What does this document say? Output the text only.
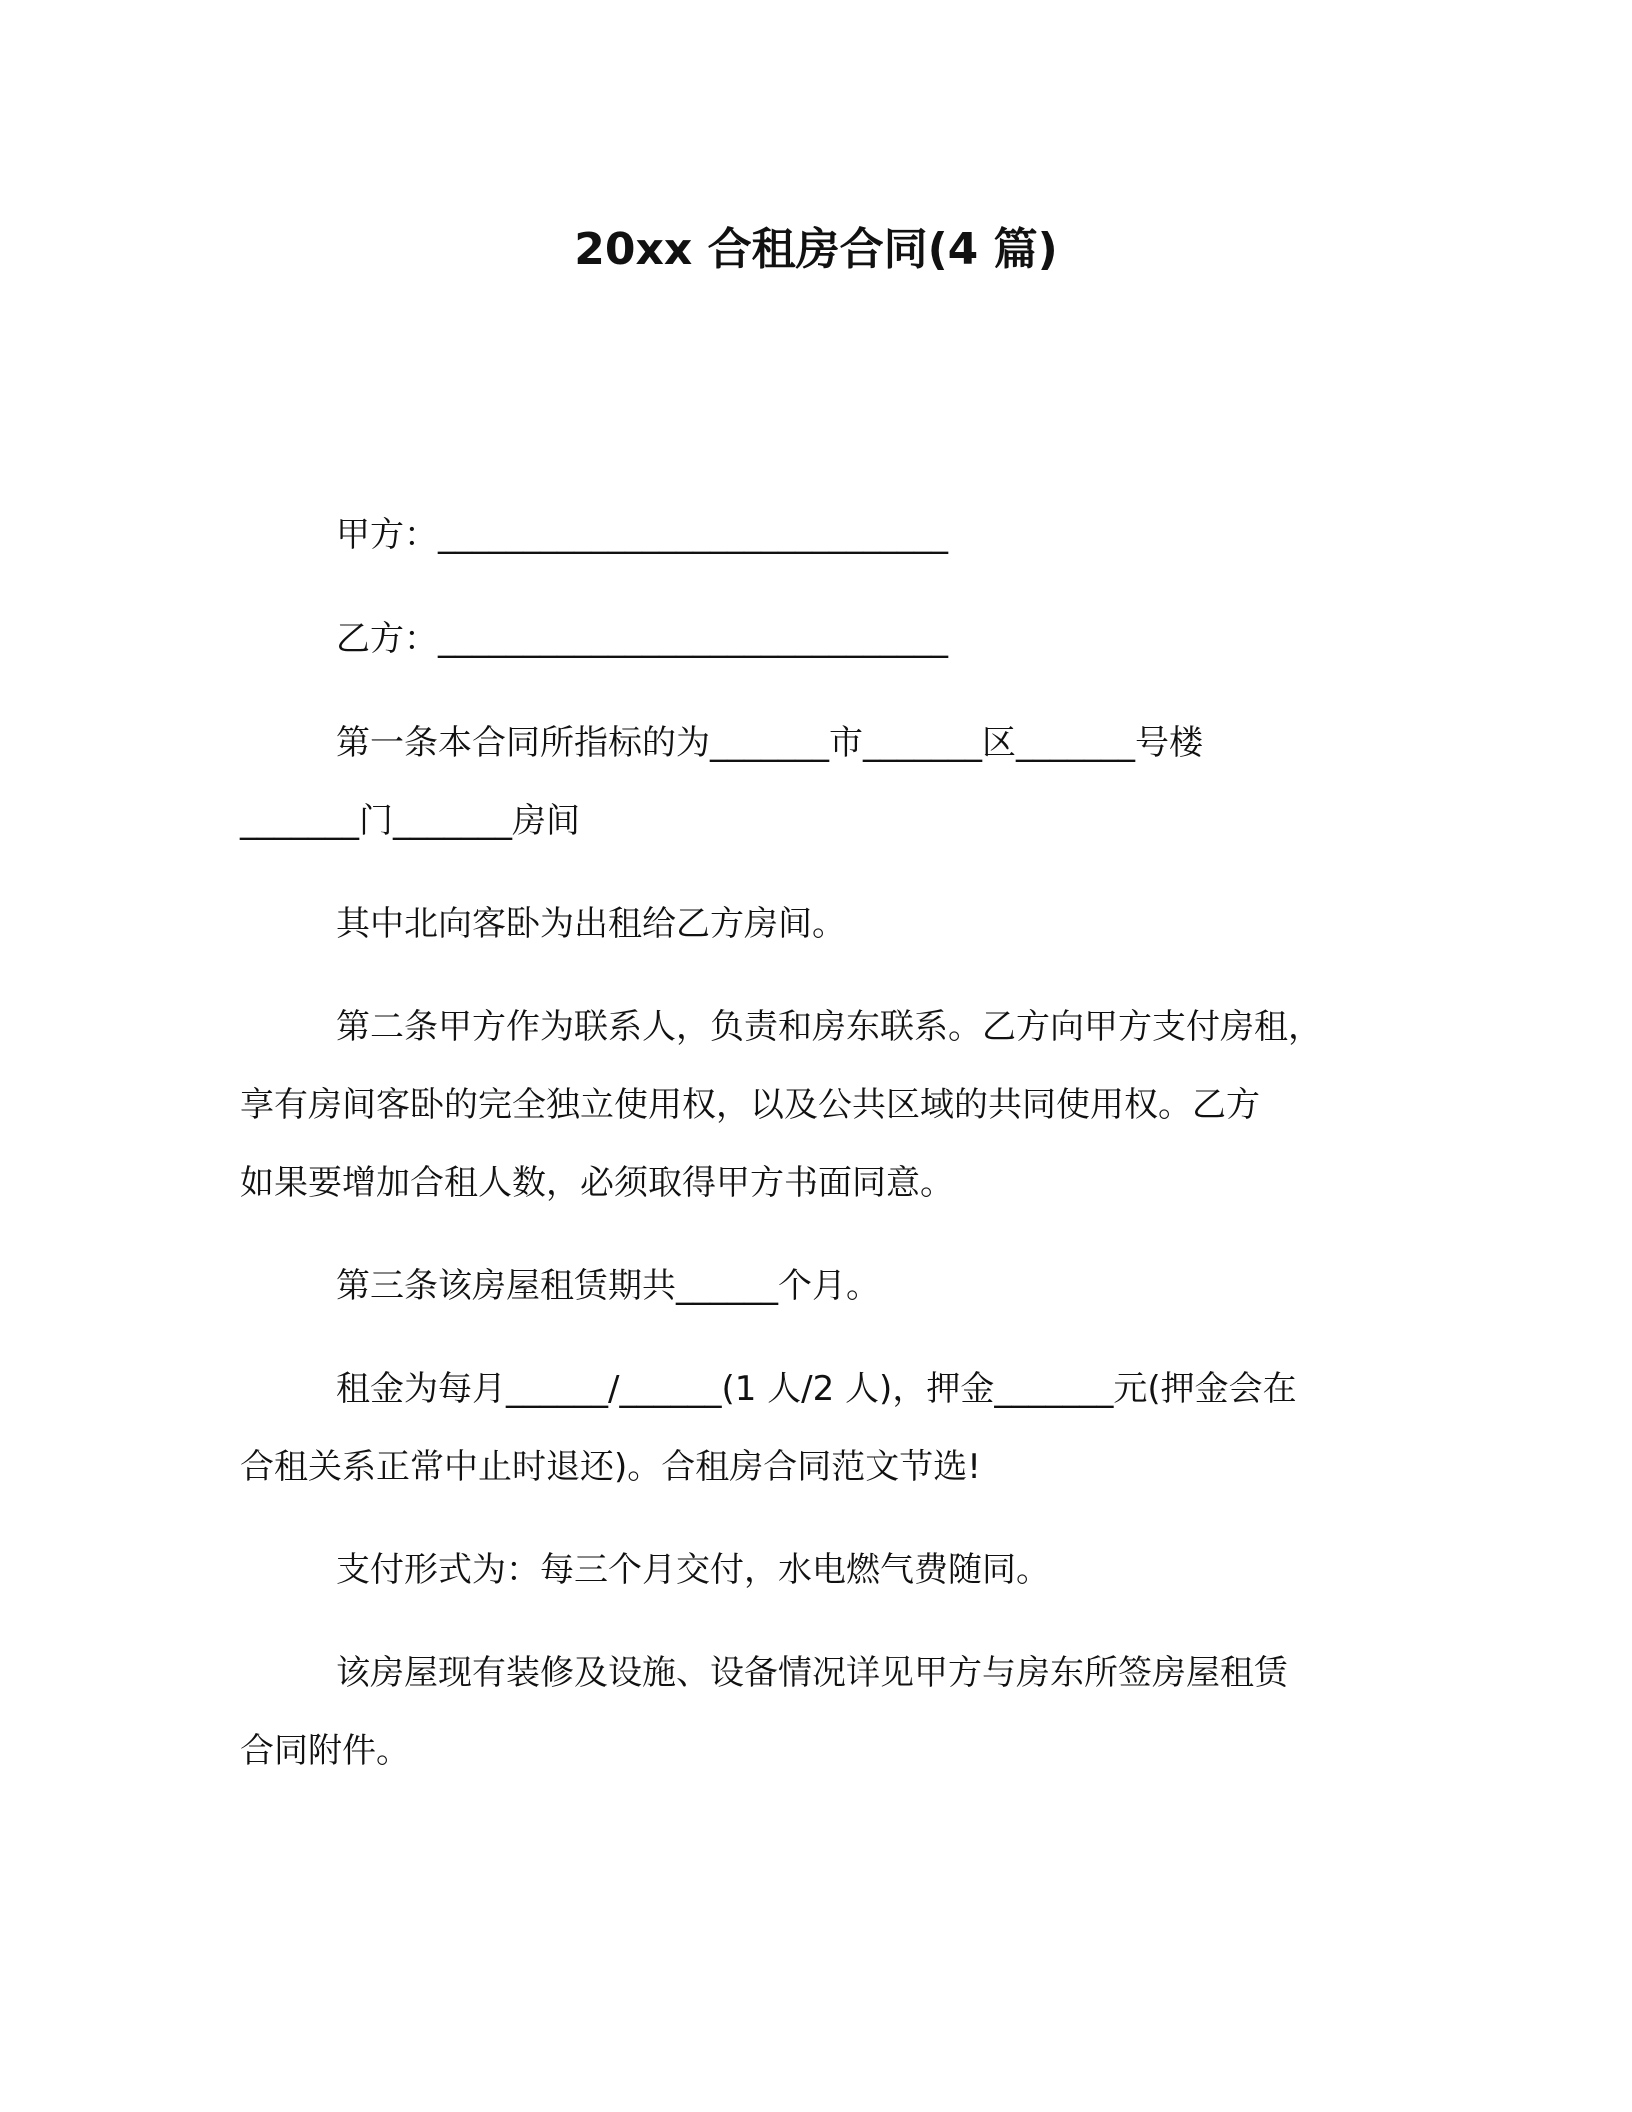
20xx 合租房合同(4 篇)

甲方：______________________________

乙方：______________________________

第一条本合同所指标的为_______市_______区_______号楼
_______门_______房间

其中北向客卧为出租给乙方房间。

第二条甲方作为联系人，负责和房东联系。乙方向甲方支付房租，
享有房间客卧的完全独立使用权，以及公共区域的共同使用权。乙方
如果要增加合租人数，必须取得甲方书面同意。

第三条该房屋租赁期共______个月。

租金为每月______/______(1 人/2 人)，押金_______元(押金会在
合租关系正常中止时退还)。合租房合同范文节选!

支付形式为：每三个月交付，水电燃气费随同。

该房屋现有装修及设施、设备情况详见甲方与房东所签房屋租赁
合同附件。
